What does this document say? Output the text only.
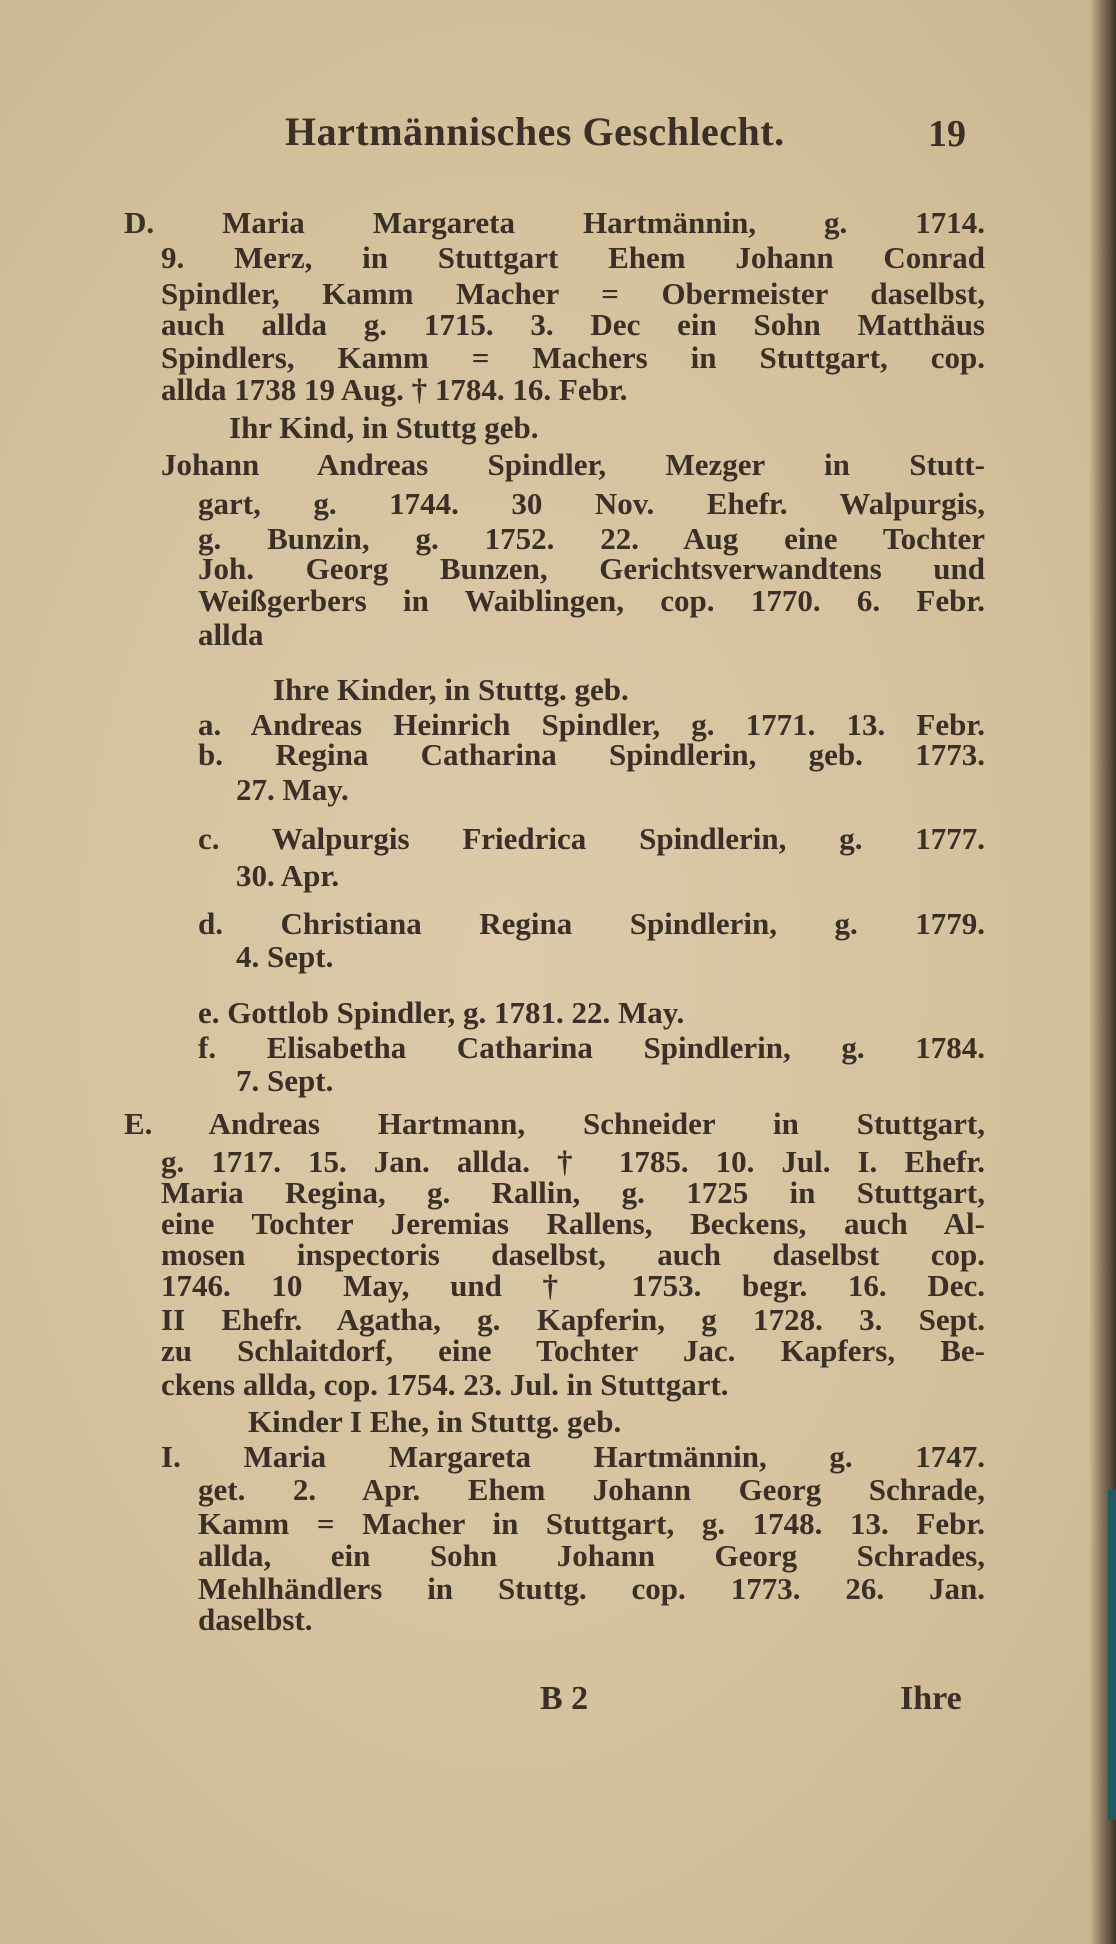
Hartmännisches Geschlecht.	19
D. Maria Margareta Hartmännin, g. 1714.
9. Merz, in Stuttgart Ehem Johann Conrad
Spindler, Kamm Macher = Obermeister daselbst,
auch allda g. 1715. 3. Dec ein Sohn Matthäus
Spindlers, Kamm = Machers in Stuttgart, cop.
allda 1738 19 Aug. † 1784. 16. Febr.
Ihr Kind, in Stuttg geb.
Johann Andreas Spindler, Mezger in Stutt-
gart, g. 1744. 30 Nov. Ehefr. Walpurgis,
g. Bunzin, g. 1752. 22. Aug eine Tochter
Joh. Georg Bunzen, Gerichtsverwandtens und
Weißgerbers in Waiblingen, cop. 1770. 6. Febr.
allda
Ihre Kinder, in Stuttg. geb.
a. Andreas Heinrich Spindler, g. 1771. 13. Febr.
b. Regina Catharina Spindlerin, geb. 1773.
27. May.
c. Walpurgis Friedrica Spindlerin, g. 1777.
30. Apr.
d. Christiana Regina Spindlerin, g. 1779.
4. Sept.
e. Gottlob Spindler, g. 1781. 22. May.
f. Elisabetha Catharina Spindlerin, g. 1784.
7. Sept.
E. Andreas Hartmann, Schneider in Stuttgart,
g. 1717. 15. Jan. allda. † 1785. 10. Jul. I. Ehefr.
Maria Regina, g. Rallin, g. 1725 in Stuttgart,
eine Tochter Jeremias Rallens, Beckens, auch Al-
mosen inspectoris daselbst, auch daselbst cop.
1746. 10 May, und † 1753. begr. 16. Dec.
II Ehefr. Agatha, g. Kapferin, g 1728. 3. Sept.
zu Schlaitdorf, eine Tochter Jac. Kapfers, Be-
ckens allda, cop. 1754. 23. Jul. in Stuttgart.
Kinder I Ehe, in Stuttg. geb.
I. Maria Margareta Hartmännin, g. 1747.
get. 2. Apr. Ehem Johann Georg Schrade,
Kamm = Macher in Stuttgart, g. 1748. 13. Febr.
allda, ein Sohn Johann Georg Schrades,
Mehlhändlers in Stuttg. cop. 1773. 26. Jan.
daselbst.
B 2	Ihre
